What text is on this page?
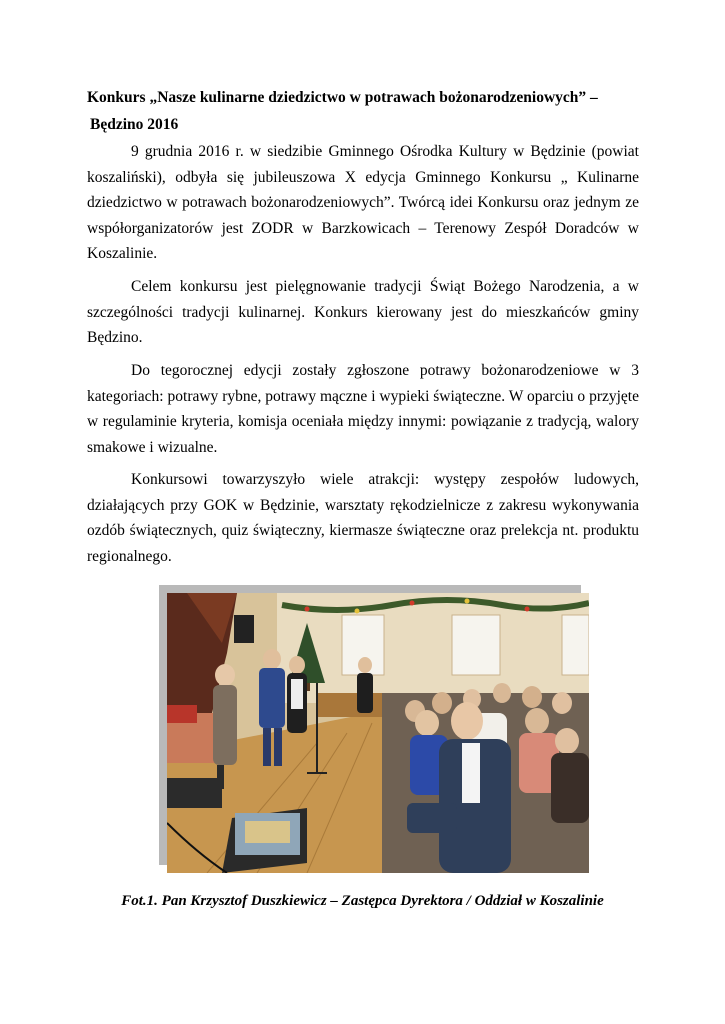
Konkurs „Nasze kulinarne dziedzictwo w potrawach bożonarodzeniowych” –
Będzino 2016

9 grudnia 2016 r. w siedzibie Gminnego Ośrodka Kultury w Będzinie (powiat koszaliński), odbyła się jubileuszowa X edycja Gminnego Konkursu „ Kulinarne dziedzictwo w potrawach bożonarodzeniowych”. Twórcą idei Konkursu oraz jednym ze współorganizatorów jest ZODR w Barzkowicach – Terenowy Zespół Doradców w Koszalinie.

Celem konkursu jest pielęgnowanie tradycji Świąt Bożego Narodzenia, a w szczególności tradycji kulinarnej. Konkurs kierowany jest do mieszkańców gminy Będzino.

Do tegorocznej edycji zostały zgłoszone potrawy bożonarodzeniowe w 3 kategoriach: potrawy rybne, potrawy mączne i wypieki świąteczne. W oparciu o przyjęte w regulaminie kryteria, komisja oceniała między innymi: powiązanie z tradycją, walory smakowe i wizualne.

Konkursowi towarzyszyło wiele atrakcji: występy zespołów ludowych, działających przy GOK w Będzinie, warsztaty rękodzielnicze z zakresu wykonywania ozdób świątecznych, quiz świąteczny, kiermasze świąteczne oraz prelekcja nt. produktu regionalnego.

Fot.1. Pan Krzysztof Duszkiewicz – Zastępca Dyrektora / Oddział w Koszalinie
